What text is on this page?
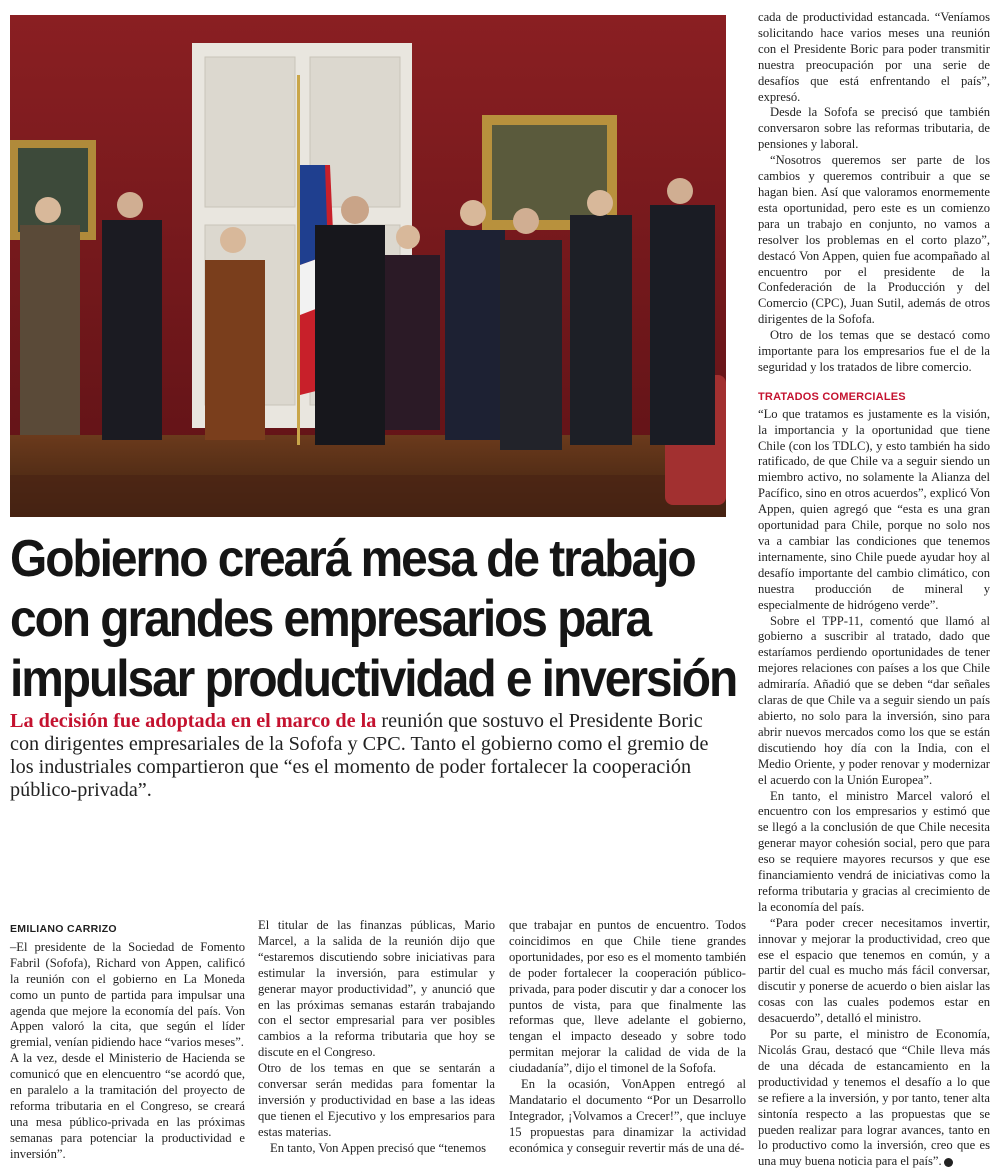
Gobierno creará mesa de trabajo
con grandes empresarios para
impulsar productividad e inversión

La decisión fue adoptada en el marco de la reunión que sostuvo el Presidente Boric con dirigentes empresariales de la Sofofa y CPC. Tanto el gobierno como el gremio de los industriales compartieron que “es el momento de poder fortalecer la cooperación público-privada”.

EMILIANO CARRIZO

–El presidente de la Sociedad de Fomento Fabril (Sofofa), Richard von Appen, calificó la reunión con el gobierno en La Moneda como un punto de partida para impulsar una agenda que mejore la economía del país. Von Appen valoró la cita, que según el líder gremial, venían pidiendo hace “varios meses”.

A la vez, desde el Ministerio de Hacienda se comunicó que en elencuentro “se acordó que, en paralelo a la tramitación del proyecto de reforma tributaria en el Congreso, se creará una mesa público-privada en las próximas semanas para potenciar la productividad e inversión”.

El titular de las finanzas públicas, Mario Marcel, a la salida de la reunión dijo que “estaremos discutiendo sobre iniciativas para estimular la inversión, para estimular y generar mayor productividad”, y anunció que en las próximas semanas estarán trabajando con el sector empresarial para ver posibles cambios a la reforma tributaria que hoy se discute en el Congreso.

Otro de los temas en que se sentarán a conversar serán medidas para fomentar la inversión y productividad en base a las ideas que tienen el Ejecutivo y los empresarios para estas materias.

En tanto, Von Appen precisó que “tenemos

que trabajar en puntos de encuentro. Todos coincidimos en que Chile tiene grandes oportunidades, por eso es el momento también de poder fortalecer la cooperación público-privada, para poder discutir y dar a conocer los puntos de vista, para que finalmente las reformas que, lleve adelante el gobierno, tengan el impacto deseado y sobre todo permitan mejorar la calidad de vida de la ciudadanía”, dijo el timonel de la Sofofa.

En la ocasión, VonAppen entregó al Mandatario el documento “Por un Desarrollo Integrador, ¡Volvamos a Crecer!”, que incluye 15 propuestas para dinamizar la actividad económica y conseguir revertir más de una dé-

cada de productividad estancada. “Veníamos solicitando hace varios meses una reunión con el Presidente Boric para poder transmitir nuestra preocupación por una serie de desafíos que está enfrentando el país”, expresó.

Desde la Sofofa se precisó que también conversaron sobre las reformas tributaria, de pensiones y laboral.

“Nosotros queremos ser parte de los cambios y queremos contribuir a que se hagan bien. Así que valoramos enormemente esta oportunidad, pero este es un comienzo para un trabajo en conjunto, no vamos a resolver los problemas en el corto plazo”, destacó Von Appen, quien fue acompañado al encuentro por el presidente de la Confederación de la Producción y del Comercio (CPC), Juan Sutil, además de otros dirigentes de la Sofofa.

Otro de los temas que se destacó como importante para los empresarios fue el de la seguridad y los tratados de libre comercio.

TRATADOS COMERCIALES

“Lo que tratamos es justamente es la visión, la importancia y la oportunidad que tiene Chile (con los TDLC), y esto también ha sido ratificado, de que Chile va a seguir siendo un miembro activo, no solamente la Alianza del Pacífico, sino en otros acuerdos”, explicó Von Appen, quien agregó que “esta es una gran oportunidad para Chile, porque no solo nos va a cambiar las condiciones que tenemos internamente, sino Chile puede ayudar hoy al desafío importante del cambio climático, con nuestra producción de mineral y especialmente de hidrógeno verde”.

Sobre el TPP-11, comentó que llamó al gobierno a suscribir al tratado, dado que estaríamos perdiendo oportunidades de tener mejores relaciones con países a los que Chile admiraría. Añadió que se deben “dar señales claras de que Chile va a seguir siendo un país abierto, no solo para la inversión, sino para abrir nuevos mercados como los que se están discutiendo hoy día con la India, con el Medio Oriente, y poder renovar y modernizar el acuerdo con la Unión Europea”.

En tanto, el ministro Marcel valoró el encuentro con los empresarios y estimó que se llegó a la conclusión de que Chile necesita generar mayor cohesión social, pero que para eso se requiere mayores recursos y que ese financiamiento vendrá de iniciativas como la reforma tributaria y gracias al crecimiento de la economía del país.

“Para poder crecer necesitamos invertir, innovar y mejorar la productividad, creo que ese el espacio que tenemos en común, y a partir del cual es mucho más fácil conversar, discutir y ponerse de acuerdo o bien aislar las cosas con las cuales podemos estar en desacuerdo”, detalló el ministro.

Por su parte, el ministro de Economía, Nicolás Grau, destacó que “Chile lleva más de una década de estancamiento en la productividad y tenemos el desafío a lo que se refiere a la inversión, y por tanto, tener alta sintonía respecto a las propuestas que se pueden realizar para lograr avances, tanto en lo productivo como la inversión, creo que es una muy buena noticia para el país”.
